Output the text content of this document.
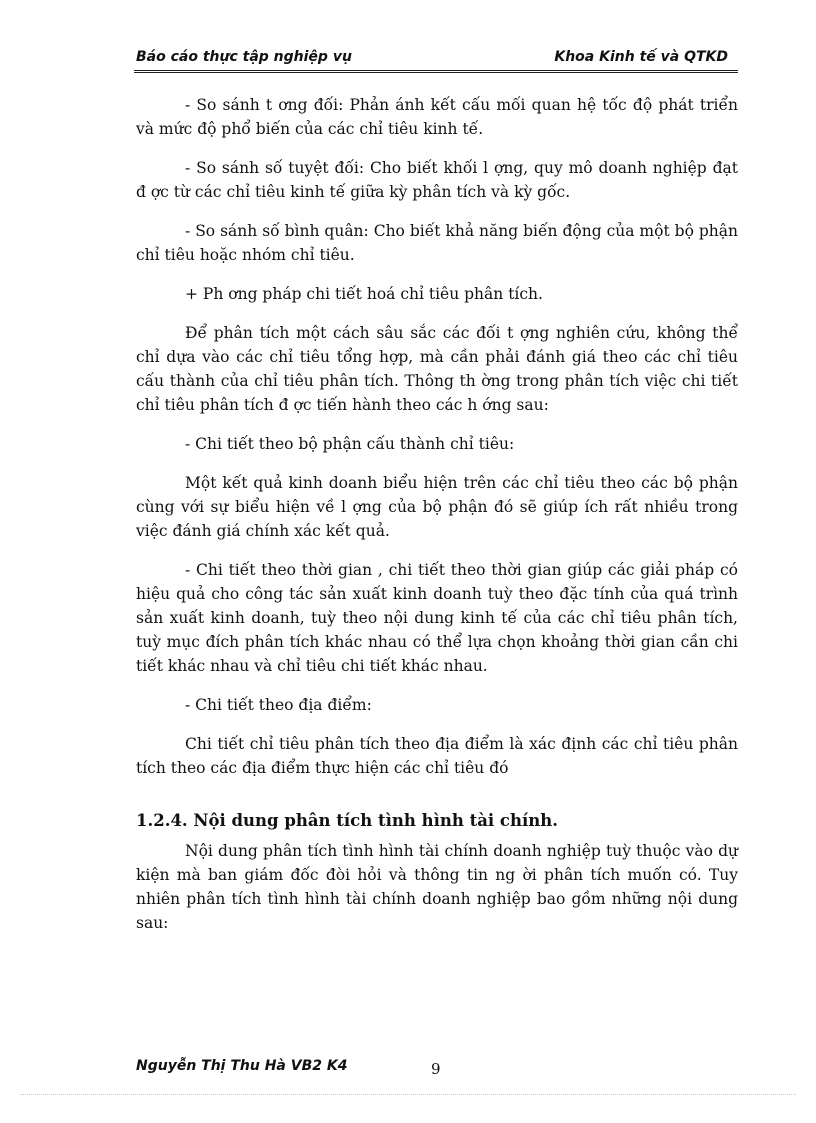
Báo cáo thực tập nghiệp vụ	Khoa Kinh tế và QTKD

- So sánh t ơng đối: Phản ánh kết cấu mối quan hệ tốc độ phát triển và mức độ phổ biến của các chỉ tiêu kinh tế.

- So sánh số tuyệt đối: Cho biết khối l ợng, quy mô doanh nghiệp đạt đ ợc từ các chỉ tiêu kinh tế giữa kỳ phân tích và kỳ gốc.

- So sánh số bình quân: Cho biết khả năng biến động của một bộ phận chỉ tiêu hoặc nhóm chỉ tiêu.

+ Ph ơng pháp chi tiết hoá chỉ tiêu phân tích.

Để phân tích một cách sâu sắc các đối t ợng nghiên cứu, không thể chỉ dựa vào các chỉ tiêu tổng hợp, mà cần phải đánh giá theo các chỉ tiêu cấu thành của chỉ tiêu phân tích. Thông th ờng trong phân tích việc chi tiết chỉ tiêu phân tích đ ợc tiến hành theo các h ớng sau:

- Chi tiết theo bộ phận cấu thành chỉ tiêu:

Một kết quả kinh doanh biểu hiện trên các chỉ tiêu theo các bộ phận cùng với sự biểu hiện về l ợng của bộ phận đó sẽ giúp ích rất nhiều trong việc đánh giá chính xác kết quả.

- Chi tiết theo thời gian , chi tiết theo thời gian giúp các giải pháp có hiệu quả cho công tác sản xuất kinh doanh tuỳ theo đặc tính của quá trình sản xuất kinh doanh, tuỳ theo nội dung kinh tế của các chỉ tiêu phân tích, tuỳ mục đích phân tích khác nhau có thể lựa chọn khoảng thời gian cần chi tiết khác nhau và chỉ tiêu chi tiết khác nhau.

- Chi tiết theo địa điểm:

Chi tiết chỉ tiêu phân tích theo địa điểm là xác định các chỉ tiêu phân tích theo các địa điểm thực hiện các chỉ tiêu đó

1.2.4. Nội dung phân tích tình hình tài chính.

Nội dung phân tích tình hình tài chính doanh nghiệp tuỳ thuộc vào dự kiện mà ban giám đốc đòi hỏi và thông tin ng ời phân tích muốn có. Tuy nhiên phân tích tình hình tài chính doanh nghiệp bao gồm những nội dung sau:

Nguyễn Thị Thu Hà VB2 K4	9
